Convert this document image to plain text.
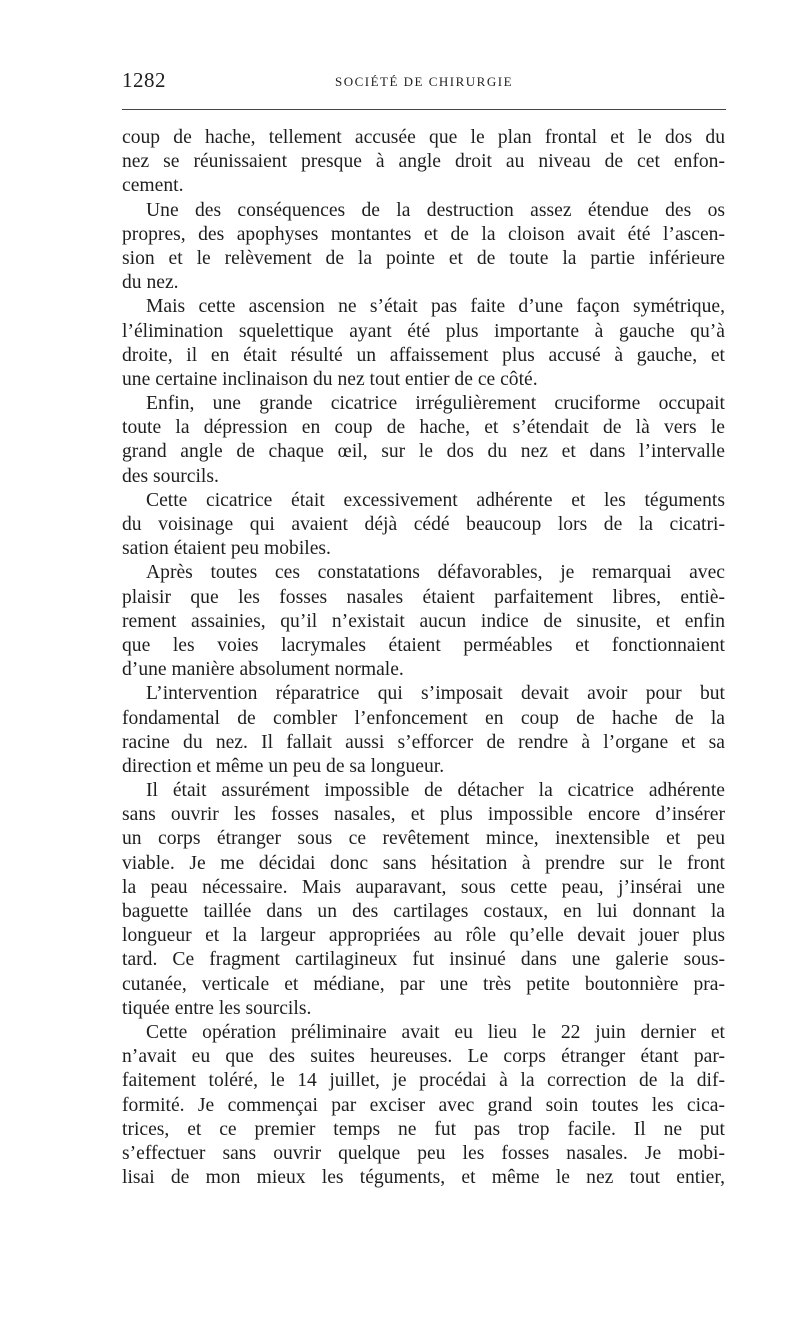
1282	SOCIÉTÉ DE CHIRURGIE
coup de hache, tellement accusée que le plan frontal et le dos du
nez se réunissaient presque à angle droit au niveau de cet enfon-
cement.
Une des conséquences de la destruction assez étendue des os
propres, des apophyses montantes et de la cloison avait été l’ascen-
sion et le relèvement de la pointe et de toute la partie inférieure
du nez.
Mais cette ascension ne s’était pas faite d’une façon symétrique,
l’élimination squelettique ayant été plus importante à gauche qu’à
droite, il en était résulté un affaissement plus accusé à gauche, et
une certaine inclinaison du nez tout entier de ce côté.
Enfin, une grande cicatrice irrégulièrement cruciforme occupait
toute la dépression en coup de hache, et s’étendait de là vers le
grand angle de chaque œil, sur le dos du nez et dans l’intervalle
des sourcils.
Cette cicatrice était excessivement adhérente et les téguments
du voisinage qui avaient déjà cédé beaucoup lors de la cicatri-
sation étaient peu mobiles.
Après toutes ces constatations défavorables, je remarquai avec
plaisir que les fosses nasales étaient parfaitement libres, entiè-
rement assainies, qu’il n’existait aucun indice de sinusite, et enfin
que les voies lacrymales étaient perméables et fonctionnaient
d’une manière absolument normale.
L’intervention réparatrice qui s’imposait devait avoir pour but
fondamental de combler l’enfoncement en coup de hache de la
racine du nez. Il fallait aussi s’efforcer de rendre à l’organe et sa
direction et même un peu de sa longueur.
Il était assurément impossible de détacher la cicatrice adhérente
sans ouvrir les fosses nasales, et plus impossible encore d’insérer
un corps étranger sous ce revêtement mince, inextensible et peu
viable. Je me décidai donc sans hésitation à prendre sur le front
la peau nécessaire. Mais auparavant, sous cette peau, j’insérai une
baguette taillée dans un des cartilages costaux, en lui donnant la
longueur et la largeur appropriées au rôle qu’elle devait jouer plus
tard. Ce fragment cartilagineux fut insinué dans une galerie sous-
cutanée, verticale et médiane, par une très petite boutonnière pra-
tiquée entre les sourcils.
Cette opération préliminaire avait eu lieu le 22 juin dernier et
n’avait eu que des suites heureuses. Le corps étranger étant par-
faitement toléré, le 14 juillet, je procédai à la correction de la dif-
formité. Je commençai par exciser avec grand soin toutes les cica-
trices, et ce premier temps ne fut pas trop facile. Il ne put
s’effectuer sans ouvrir quelque peu les fosses nasales. Je mobi-
lisai de mon mieux les téguments, et même le nez tout entier,
